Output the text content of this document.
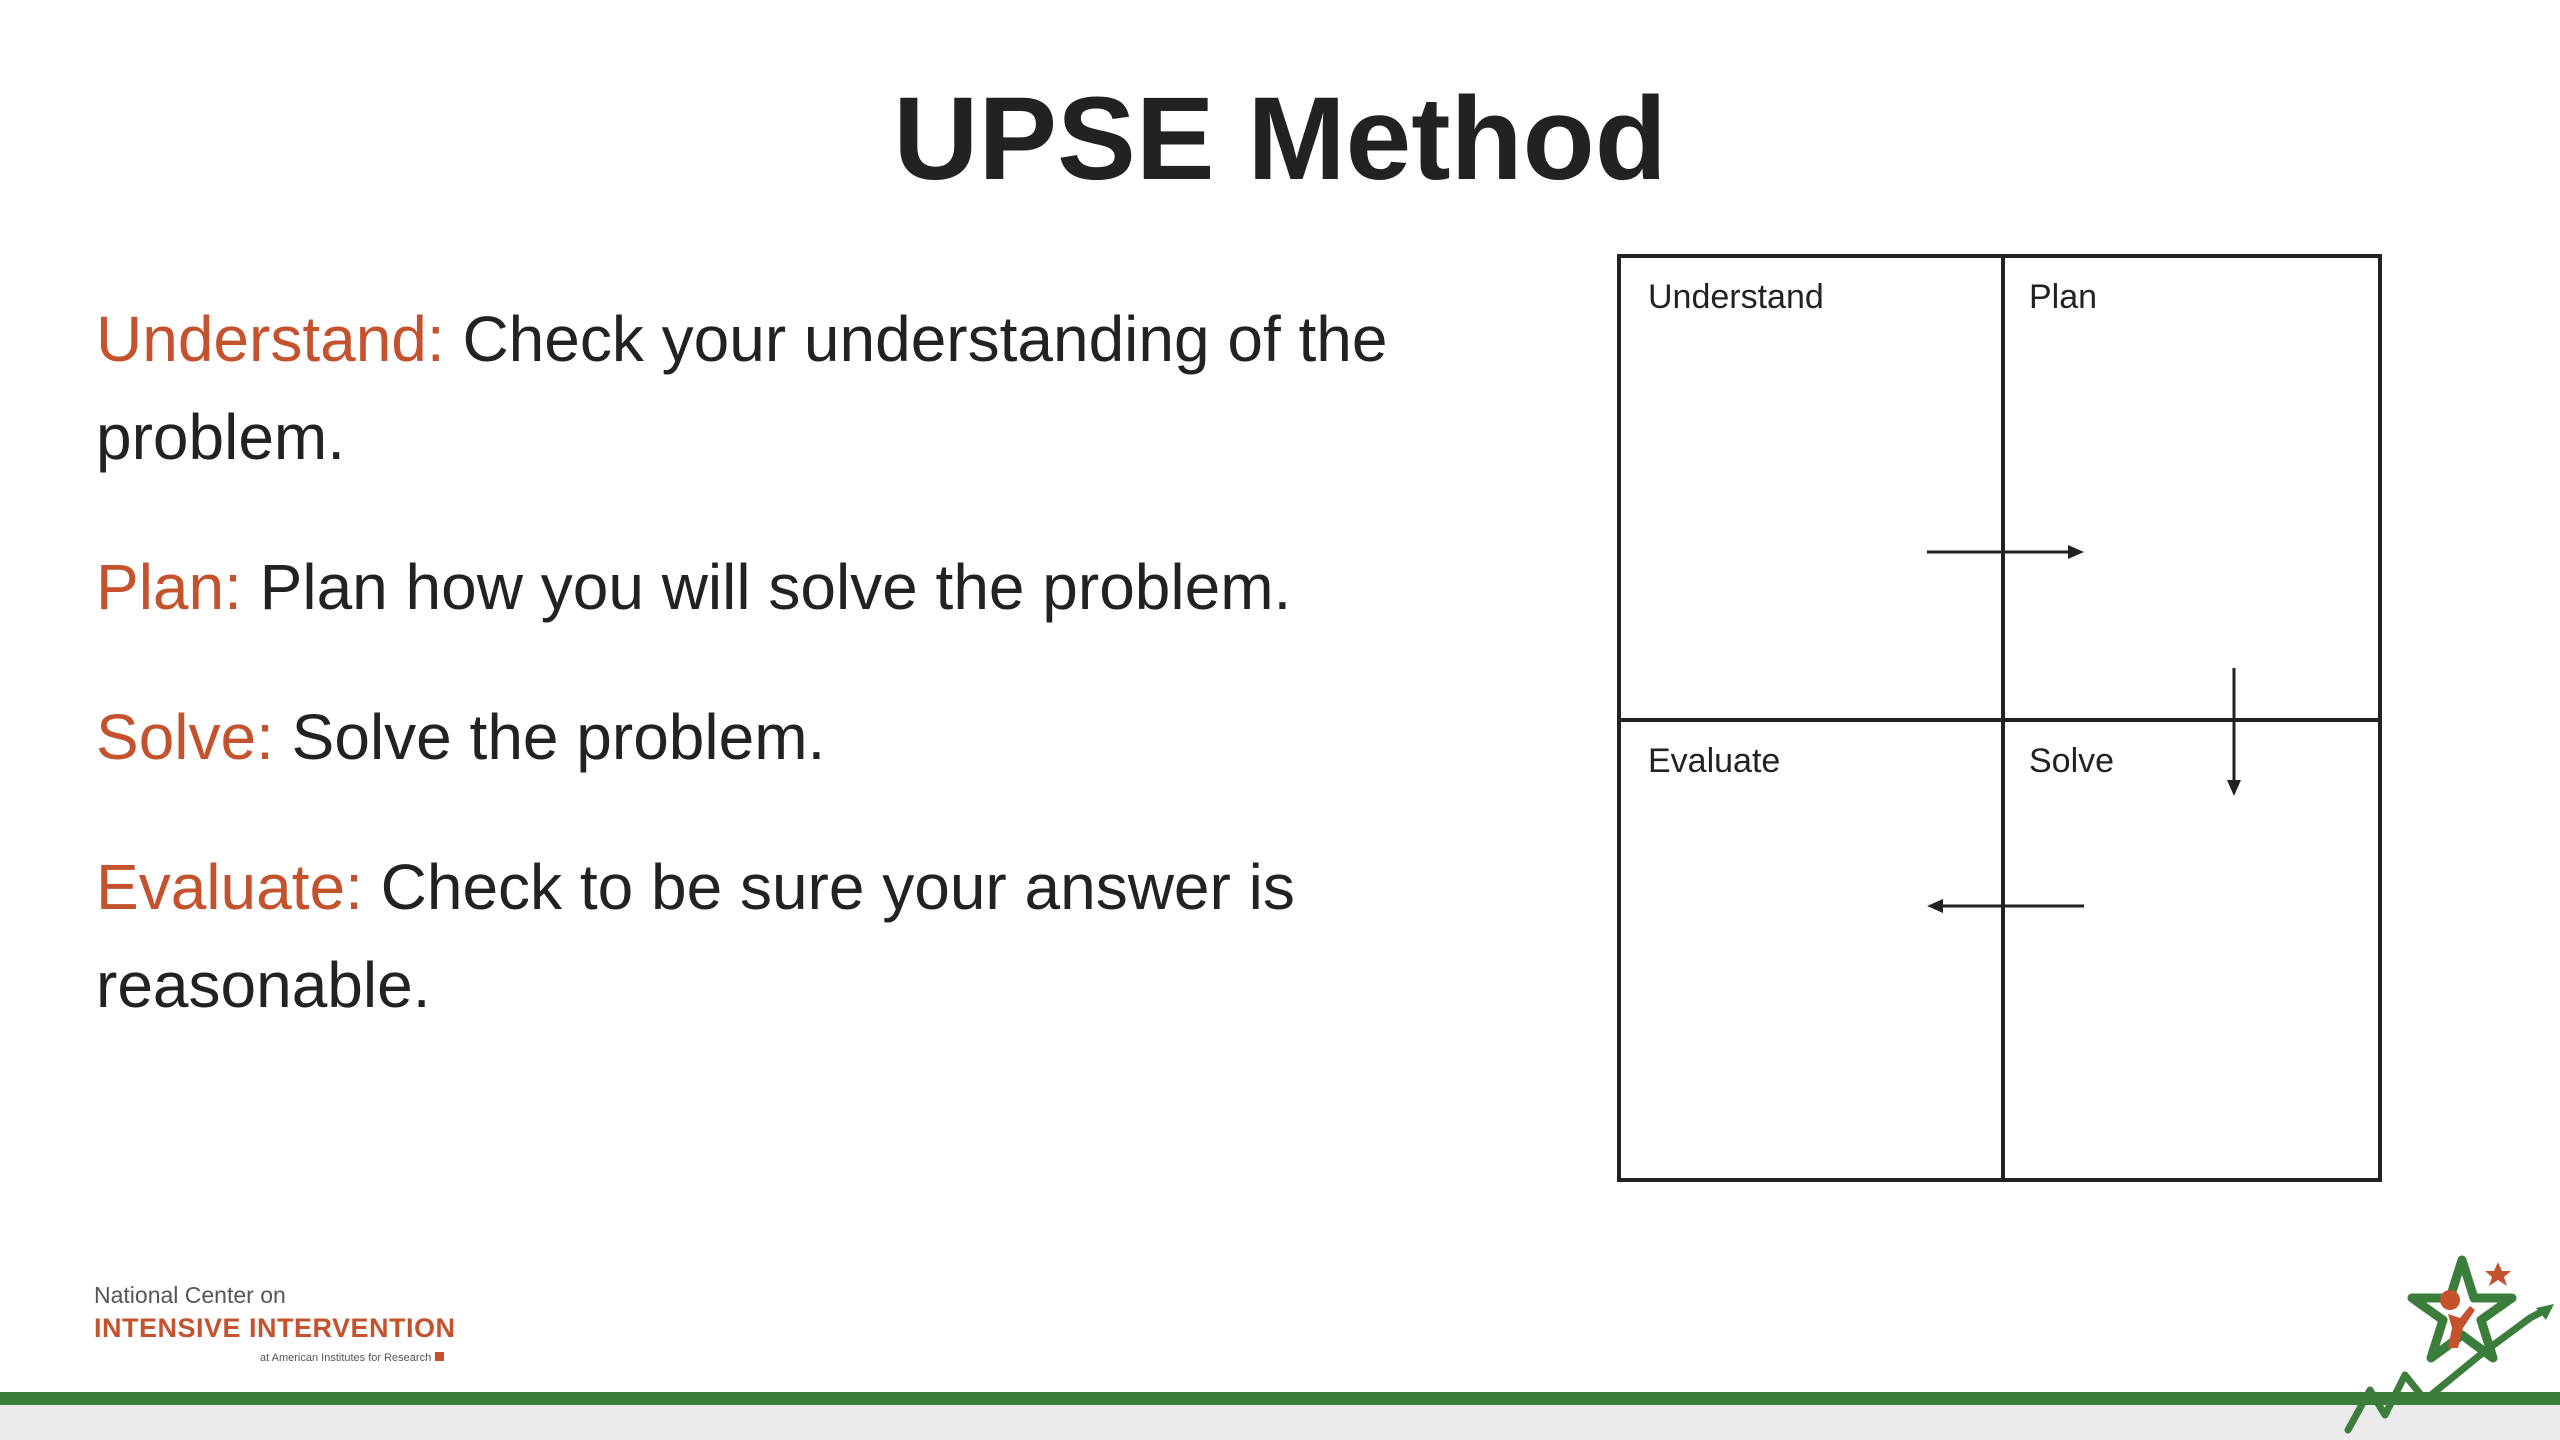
UPSE Method

Understand: Check your understanding of the problem.

Plan: Plan how you will solve the problem.

Solve: Solve the problem.

Evaluate: Check to be sure your answer is reasonable.

Understand	Plan
Evaluate	Solve
National Center on
INTENSIVE INTERVENTION
at American Institutes for Research
